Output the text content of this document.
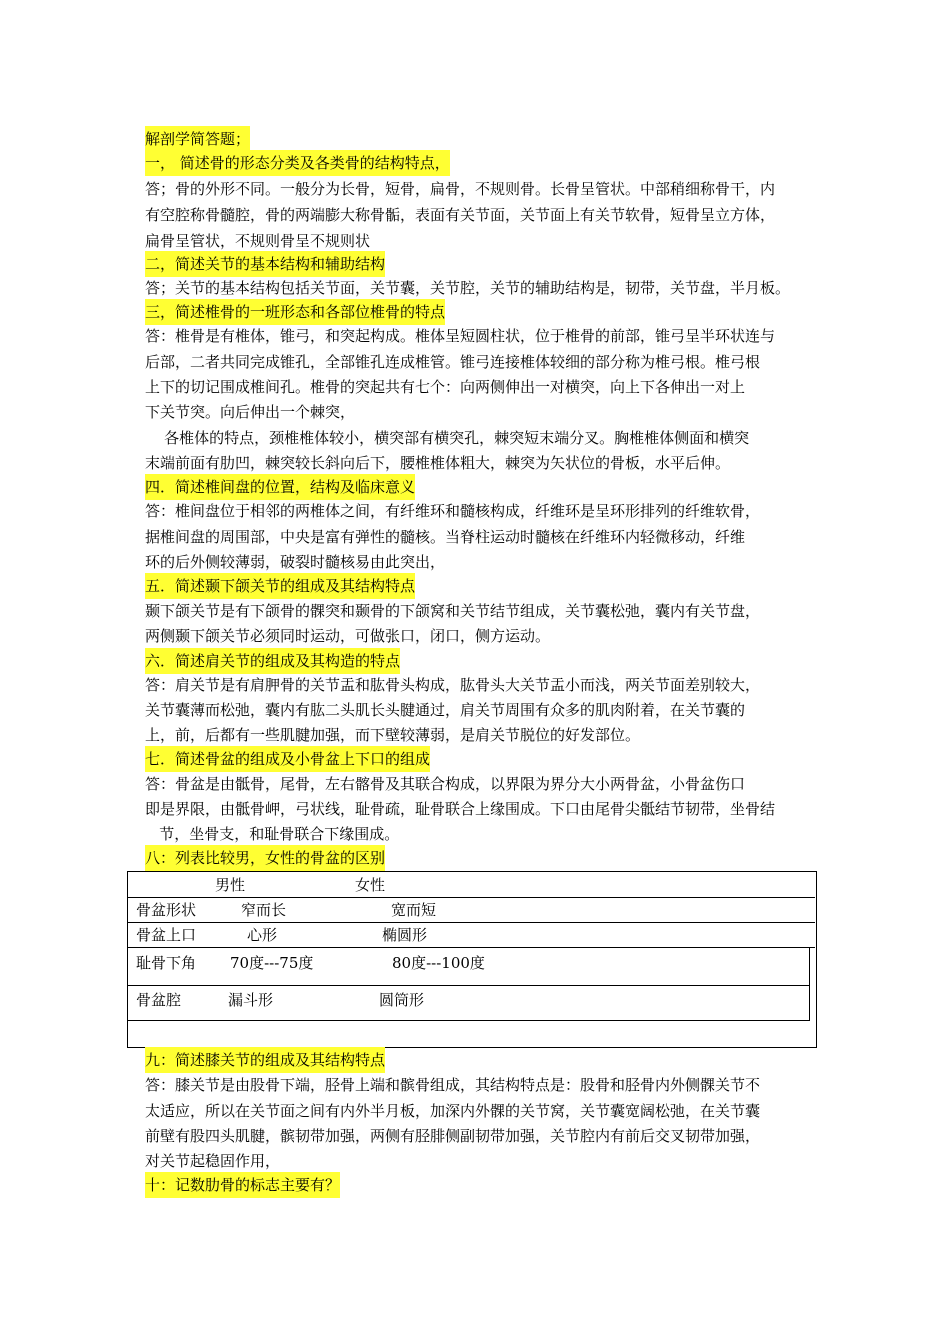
解剖学简答题；
一， 简述骨的形态分类及各类骨的结构特点，
答；骨的外形不同。一般分为长骨，短骨，扁骨，不规则骨。长骨呈管状。中部稍细称骨干，内
有空腔称骨髓腔，骨的两端膨大称骨骺，表面有关节面，关节面上有关节软骨，短骨呈立方体，
扁骨呈管状，不规则骨呈不规则状
二，简述关节的基本结构和辅助结构
答；关节的基本结构包括关节面，关节囊，关节腔，关节的辅助结构是，韧带，关节盘，半月板。
三，简述椎骨的一班形态和各部位椎骨的特点
答：椎骨是有椎体，锥弓，和突起构成。椎体呈短圆柱状，位于椎骨的前部，锥弓呈半环状连与
后部，二者共同完成锥孔，全部锥孔连成椎管。锥弓连接椎体较细的部分称为椎弓根。椎弓根
上下的切记围成椎间孔。椎骨的突起共有七个：向两侧伸出一对横突，向上下各伸出一对上
下关节突。向后伸出一个棘突，
各椎体的特点，颈椎椎体较小，横突部有横突孔，棘突短末端分叉。胸椎椎体侧面和横突
末端前面有肋凹，棘突较长斜向后下，腰椎椎体粗大，棘突为矢状位的骨板，水平后伸。
四．简述椎间盘的位置，结构及临床意义
答：椎间盘位于相邻的两椎体之间，有纤维环和髓核构成，纤维环是呈环形排列的纤维软骨，
据椎间盘的周围部，中央是富有弹性的髓核。当脊柱运动时髓核在纤维环内轻微移动，纤维
环的后外侧较薄弱，破裂时髓核易由此突出，
五．简述颞下颌关节的组成及其结构特点
颞下颌关节是有下颌骨的髁突和颞骨的下颌窝和关节结节组成，关节囊松弛，囊内有关节盘，
两侧颞下颌关节必须同时运动，可做张口，闭口，侧方运动。
六．简述肩关节的组成及其构造的特点
答：肩关节是有肩胛骨的关节盂和肱骨头构成，肱骨头大关节盂小而浅，两关节面差别较大，
关节囊薄而松弛，囊内有肱二头肌长头腱通过，肩关节周围有众多的肌肉附着，在关节囊的
上，前，后都有一些肌腱加强，而下壁较薄弱，是肩关节脱位的好发部位。
七．简述骨盆的组成及小骨盆上下口的组成
答：骨盆是由骶骨，尾骨，左右髂骨及其联合构成，以界限为界分大小两骨盆，小骨盆伤口
即是界限，由骶骨岬，弓状线，耻骨疏，耻骨联合上缘围成。下口由尾骨尖骶结节韧带，坐骨结
节，坐骨支，和耻骨联合下缘围成。
八：列表比较男，女性的骨盆的区别
男性	女性
骨盆形状	窄而长	宽而短
骨盆上口	心形	椭圆形
耻骨下角 70度---75度	80度---100度
骨盆腔	漏斗形	圆筒形
九：简述膝关节的组成及其结构特点
答：膝关节是由股骨下端，胫骨上端和髌骨组成，其结构特点是：股骨和胫骨内外侧髁关节不
太适应，所以在关节面之间有内外半月板，加深内外髁的关节窝，关节囊宽阔松弛，在关节囊
前壁有股四头肌腱，髌韧带加强，两侧有胫腓侧副韧带加强，关节腔内有前后交叉韧带加强，
对关节起稳固作用，
十：记数肋骨的标志主要有？
